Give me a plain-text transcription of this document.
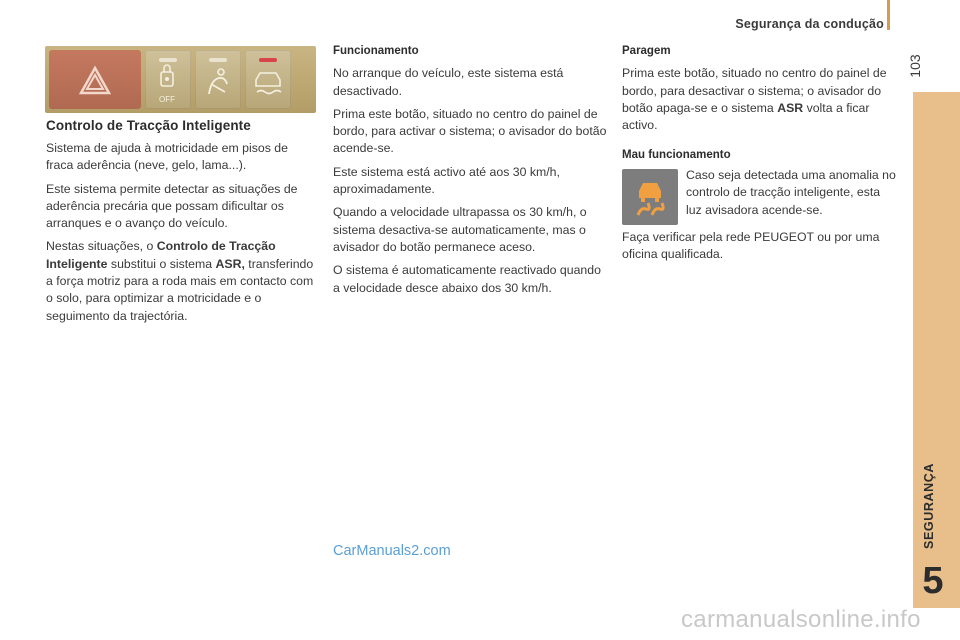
Segurança da condução
103
SEGURANÇA
5
OFF
Controlo de Tracção Inteligente

Sistema de ajuda à motricidade em pisos de fraca aderência (neve, gelo, lama...).

Este sistema permite detectar as situações de aderência precária que possam dificultar os arranques e o avanço do veículo.

Nestas situações, o Controlo de Tracção Inteligente substitui o sistema ASR, transferindo a força motriz para a roda mais em contacto com o solo, para optimizar a motricidade e o seguimento da trajectória.

Funcionamento

No arranque do veículo, este sistema está desactivado.

Prima este botão, situado no centro do painel de bordo, para activar o sistema; o avisador do botão acende-se.

Este sistema está activo até aos 30 km/h, aproximadamente.

Quando a velocidade ultrapassa os 30 km/h, o sistema desactiva-se automaticamente, mas o avisador do botão permanece aceso.

O sistema é automaticamente reactivado quando a velocidade desce abaixo dos 30 km/h.

Paragem

Prima este botão, situado no centro do painel de bordo, para desactivar o sistema; o avisador do botão apaga-se e o sistema ASR volta a ficar activo.

Mau funcionamento
Caso seja detectada uma anomalia no controlo de tracção inteligente, esta luz avisadora acende-se.
Faça verificar pela rede PEUGEOT ou por uma oficina qualificada.
CarManuals2.com
carmanualsonline.info
